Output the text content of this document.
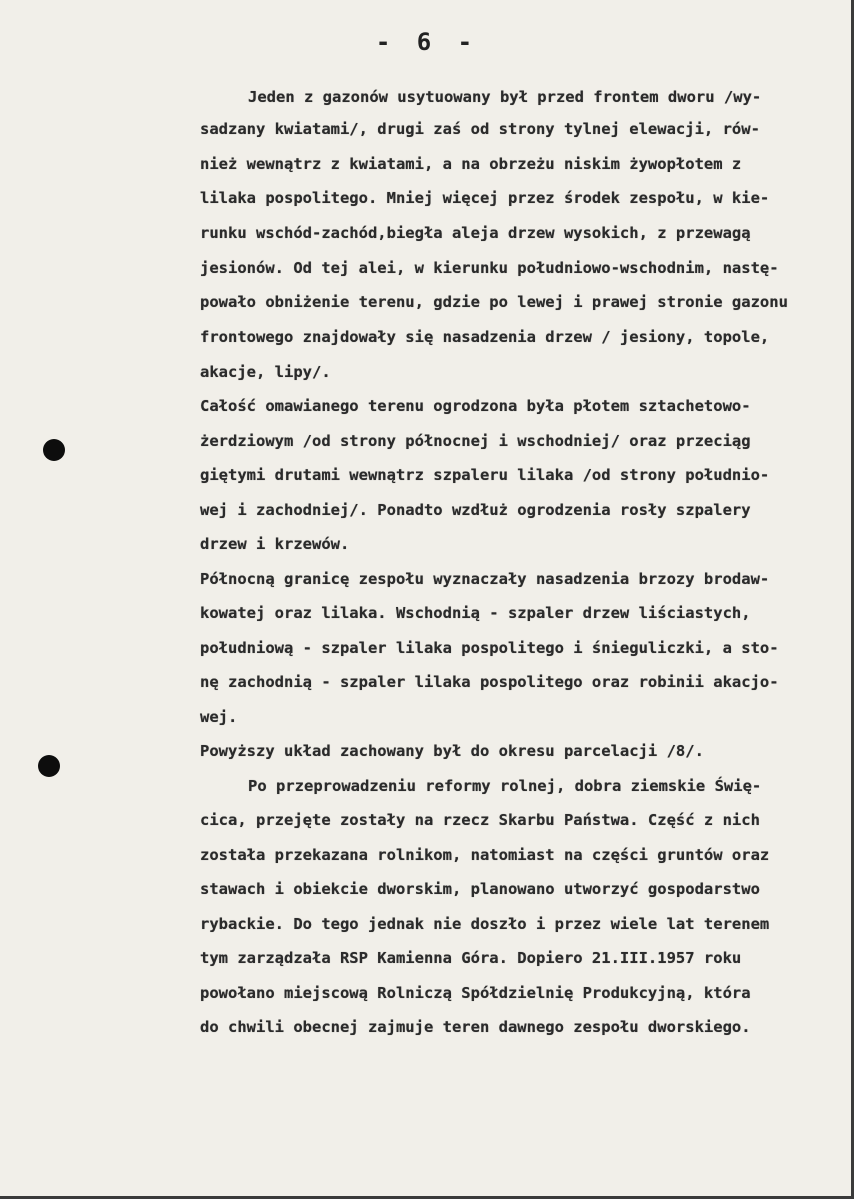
- 6 -
Jeden z gazonów usytuowany był przed frontem dworu /wy-
sadzany kwiatami/, drugi zaś od strony tylnej elewacji, rów-
nież wewnątrz z kwiatami, a na obrzeżu niskim żywopłotem z
lilaka pospolitego. Mniej więcej przez środek zespołu, w kie-
runku wschód-zachód,biegła aleja drzew wysokich, z przewagą
jesionów. Od tej alei, w kierunku południowo-wschodnim, nastę-
powało obniżenie terenu, gdzie po lewej i prawej stronie gazonu
frontowego znajdowały się nasadzenia drzew / jesiony, topole,
akacje, lipy/.
Całość omawianego terenu ogrodzona była płotem sztachetowo-
żerdziowym /od strony północnej i wschodniej/ oraz przeciąg
giętymi drutami wewnątrz szpaleru lilaka /od strony południo-
wej i zachodniej/. Ponadto wzdłuż ogrodzenia rosły szpalery
drzew i krzewów.
Północną granicę zespołu wyznaczały nasadzenia brzozy brodaw-
kowatej oraz lilaka. Wschodnią - szpaler drzew liściastych,
południową - szpaler lilaka pospolitego i śnieguliczki, a sto-
nę zachodnią - szpaler lilaka pospolitego oraz robinii akacjo-
wej.
Powyższy układ zachowany był do okresu parcelacji /8/.
Po przeprowadzeniu reformy rolnej, dobra ziemskie Świę-
cica, przejęte zostały na rzecz Skarbu Państwa. Część z nich
została przekazana rolnikom, natomiast na części gruntów oraz
stawach i obiekcie dworskim, planowano utworzyć gospodarstwo
rybackie. Do tego jednak nie doszło i przez wiele lat terenem
tym zarządzała RSP Kamienna Góra. Dopiero 21.III.1957 roku
powołano miejscową Rolniczą Spółdzielnię Produkcyjną, która
do chwili obecnej zajmuje teren dawnego zespołu dworskiego.
